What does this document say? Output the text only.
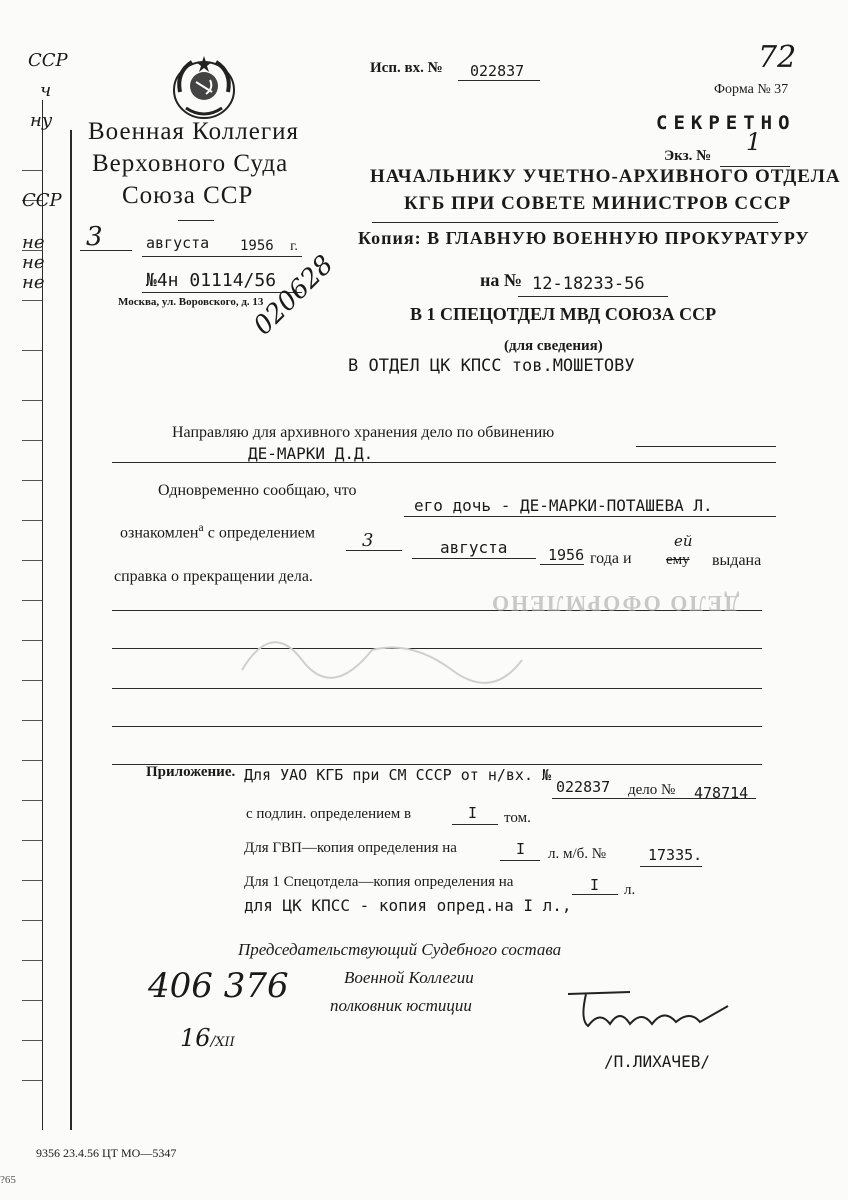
ССР
ч
ну
ССР
не
не
не
Военная Коллегия
Верховного Суда
Союза ССР
3	августа 1956 г.
№4н 01114/56
Москва, ул. Воровского, д. 13
020628
Исп. вх. № 022837	72
Форма № 37
СЕКРЕТНО
Экз. № 1
НАЧАЛЬНИКУ УЧЕТНО-АРХИВНОГО ОТДЕЛА
КГБ ПРИ СОВЕТЕ МИНИСТРОВ СССР
Копия: В ГЛАВНУЮ ВОЕННУЮ ПРОКУРАТУРУ
на № 12-18233-56
В 1 СПЕЦОТДЕЛ МВД СОЮЗА ССР
(для сведения)
В ОТДЕЛ ЦК КПСС тов.МОШЕТОВУ
Направляю для архивного хранения дело по обвинению
ДЕ-МАРКИ Д.Д.
Одновременно сообщаю, что
его дочь - ДЕ-МАРКИ-ПОТАШЕВА Л.
ознакомлен$^а$ с определением	3	августа	1956 года и ему
ей
выдана
справка о прекращении дела.
ДЕЛО ОФОРМЛЕНО
Приложение. Для УАО КГБ при СМ СССР от н/вх. №
022837 дело № 478714
с подлин. определением в	I том.
Для ГВП—копия определения на	I л. м/б. №	17335.
Для 1 Спецотдела—копия определения на	I л.
для ЦК КПСС - копия опред.на I л.,
Председательствующий Судебного состава
Военной Коллегии
полковник юстиции
/П.ЛИХАЧЕВ/
406 376
16/XII
9356 23.4.56 ЦТ МО—5347
?65
